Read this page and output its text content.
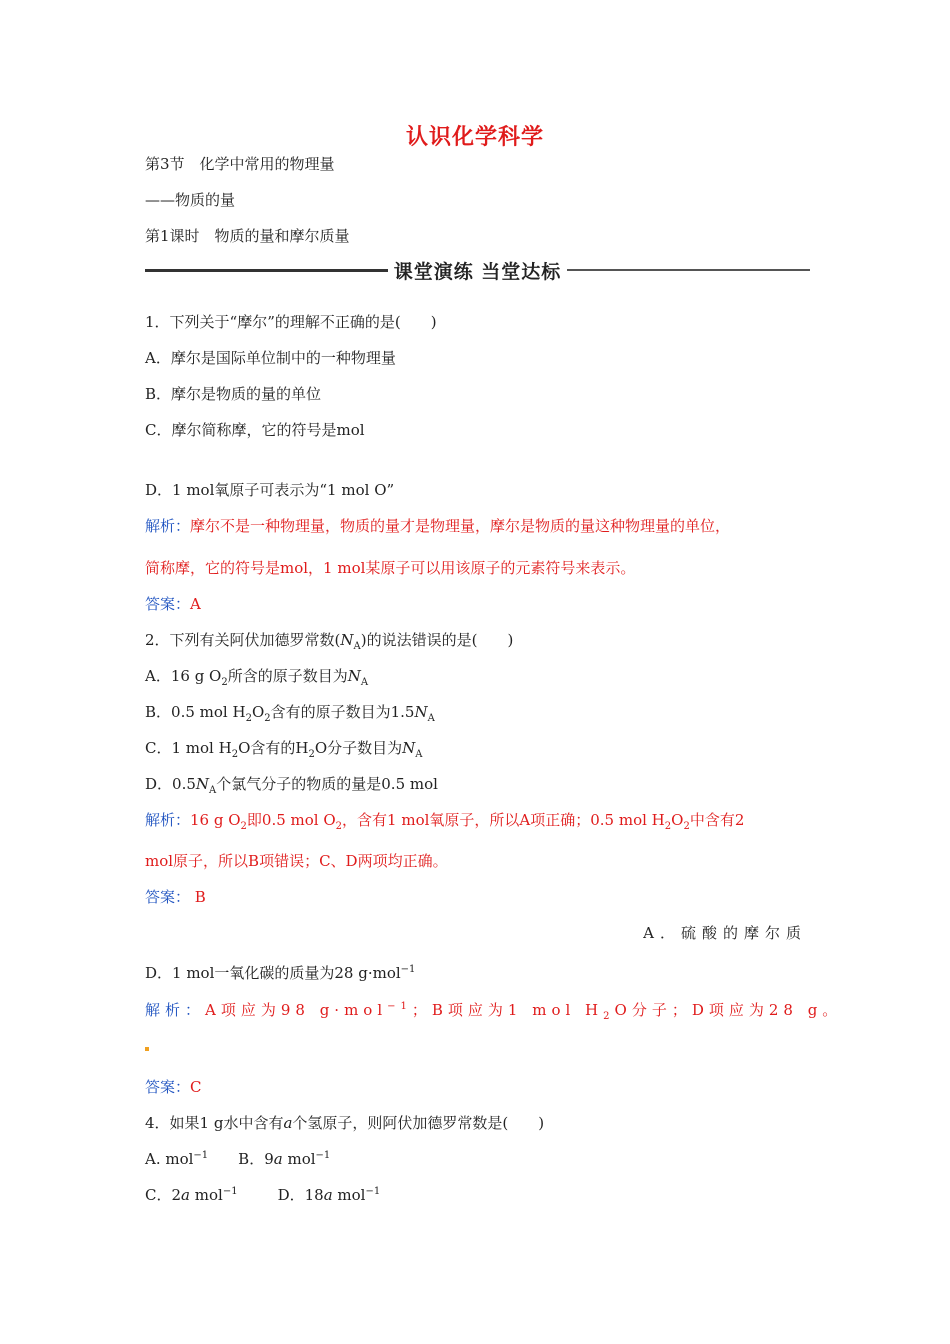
认识化学科学
第3节　化学中常用的物理量
——物质的量
第1课时　物质的量和摩尔质量
课堂演练 当堂达标
1．下列关于“摩尔”的理解不正确的是(　　)
A．摩尔是国际单位制中的一种物理量
B．摩尔是物质的量的单位
C．摩尔简称摩，它的符号是mol
D．1 mol氧原子可表示为“1 mol O”
解析：摩尔不是一种物理量，物质的量才是物理量，摩尔是物质的量这种物理量的单位，
简称摩，它的符号是mol，1 mol某原子可以用该原子的元素符号来表示。
答案：A
2．下列有关阿伏加德罗常数$(N_A)$的说法错误的是(　　)
A．16 g $O_2$所含的原子数目为$N_A$
B．0.5 mol $H_2O_2$含有的原子数目为$1.5N_A$
C．1 mol $H_2O$含有的$H_2O$分子数目为$N_A$
D．$0.5N_A$个氯气分子的物质的量是0.5 mol
解析：16 g $O_2$即0.5 mol $O_2$，含有1 mol氧原子，所以A项正确；0.5 mol $H_2O_2$中含有2
mol原子，所以B项错误；C、D两项均正确。
答案： B
A．硫酸的摩尔质
D．1 mol一氧化碳的质量为28 g·mol$^{-1}$
解析：A项应为98 g·mol$^{-1}$；B项应为1 mol $H_2O$分子；D项应为28 g。
答案：C
4．如果1 g水中含有a个氢原子，则阿伏加德罗常数是(　　)
A. mol$^{-1}$ B．9a mol$^{-1}$
C．2a mol$^{-1}$	D．18a mol$^{-1}$
